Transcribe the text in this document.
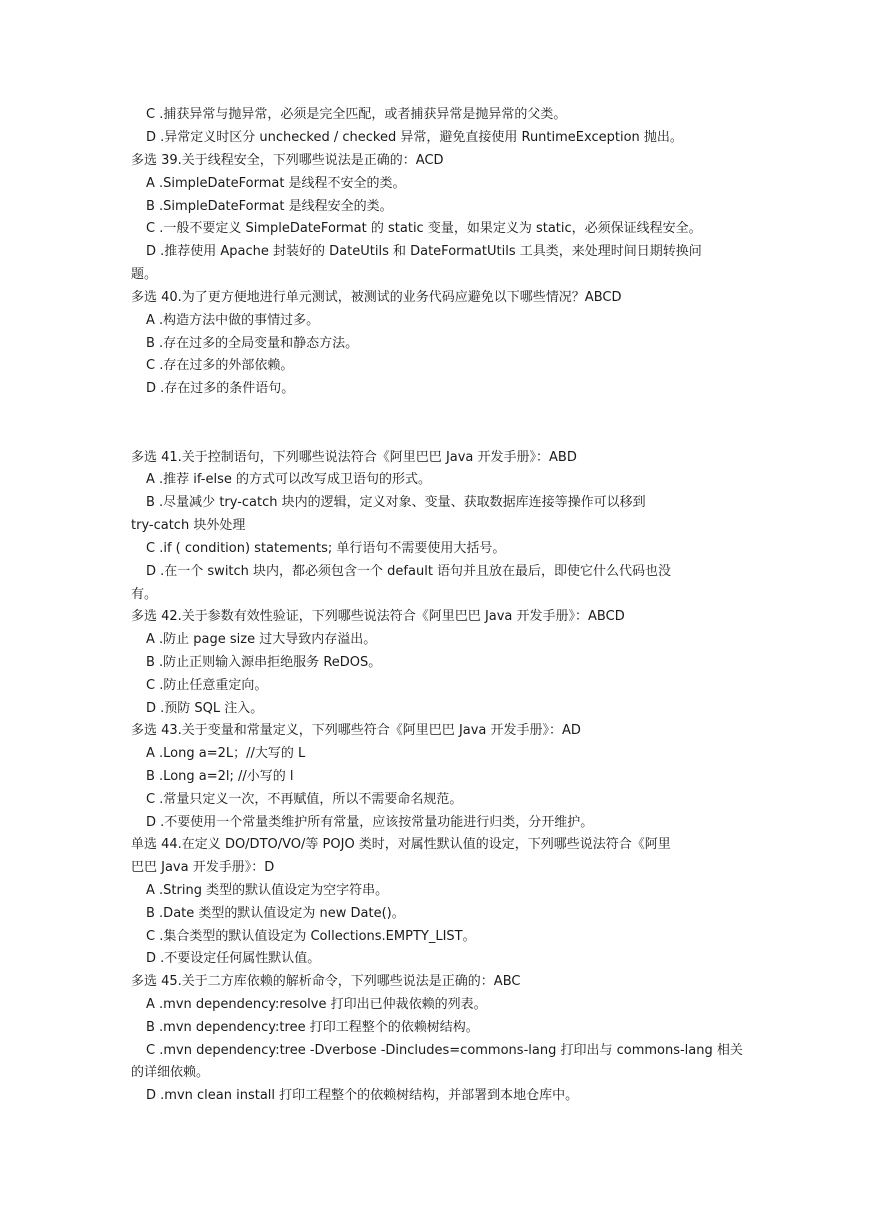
C .捕获异常与抛异常，必须是完全匹配，或者捕获异常是抛异常的父类。
D .异常定义时区分 unchecked / checked 异常，避免直接使用 RuntimeException 抛出。
多选 39.关于线程安全，下列哪些说法是正确的：ACD
A .SimpleDateFormat 是线程不安全的类。
B .SimpleDateFormat 是线程安全的类。
C .一般不要定义 SimpleDateFormat 的 static 变量，如果定义为 static，必须保证线程安全。
D .推荐使用 Apache 封装好的 DateUtils 和 DateFormatUtils 工具类，来处理时间日期转换问
题。
多选 40.为了更方便地进行单元测试，被测试的业务代码应避免以下哪些情况？ABCD
A .构造方法中做的事情过多。
B .存在过多的全局变量和静态方法。
C .存在过多的外部依赖。
D .存在过多的条件语句。
多选 41.关于控制语句，下列哪些说法符合《阿里巴巴 Java 开发手册》：ABD
A .推荐 if-else 的方式可以改写成卫语句的形式。
B .尽量减少 try-catch 块内的逻辑，定义对象、变量、获取数据库连接等操作可以移到
try-catch 块外处理
C .if ( condition) statements; 单行语句不需要使用大括号。
D .在一个 switch 块内，都必须包含一个 default 语句并且放在最后，即使它什么代码也没
有。
多选 42.关于参数有效性验证，下列哪些说法符合《阿里巴巴 Java 开发手册》：ABCD
A .防止 page size 过大导致内存溢出。
B .防止正则输入源串拒绝服务 ReDOS。
C .防止任意重定向。
D .预防 SQL 注入。
多选 43.关于变量和常量定义，下列哪些符合《阿里巴巴 Java 开发手册》：AD
A .Long a=2L；//大写的 L
B .Long a=2l; //小写的 l
C .常量只定义一次，不再赋值，所以不需要命名规范。
D .不要使用一个常量类维护所有常量，应该按常量功能进行归类，分开维护。
单选 44.在定义 DO/DTO/VO/等 POJO 类时，对属性默认值的设定，下列哪些说法符合《阿里
巴巴 Java 开发手册》：D
A .String 类型的默认值设定为空字符串。
B .Date 类型的默认值设定为 new Date()。
C .集合类型的默认值设定为 Collections.EMPTY_LIST。
D .不要设定任何属性默认值。
多选 45.关于二方库依赖的解析命令，下列哪些说法是正确的：ABC
A .mvn dependency:resolve 打印出已仲裁依赖的列表。
B .mvn dependency:tree 打印工程整个的依赖树结构。
C .mvn dependency:tree -Dverbose -Dincludes=commons-lang 打印出与 commons-lang 相关
的详细依赖。
D .mvn clean install 打印工程整个的依赖树结构，并部署到本地仓库中。
